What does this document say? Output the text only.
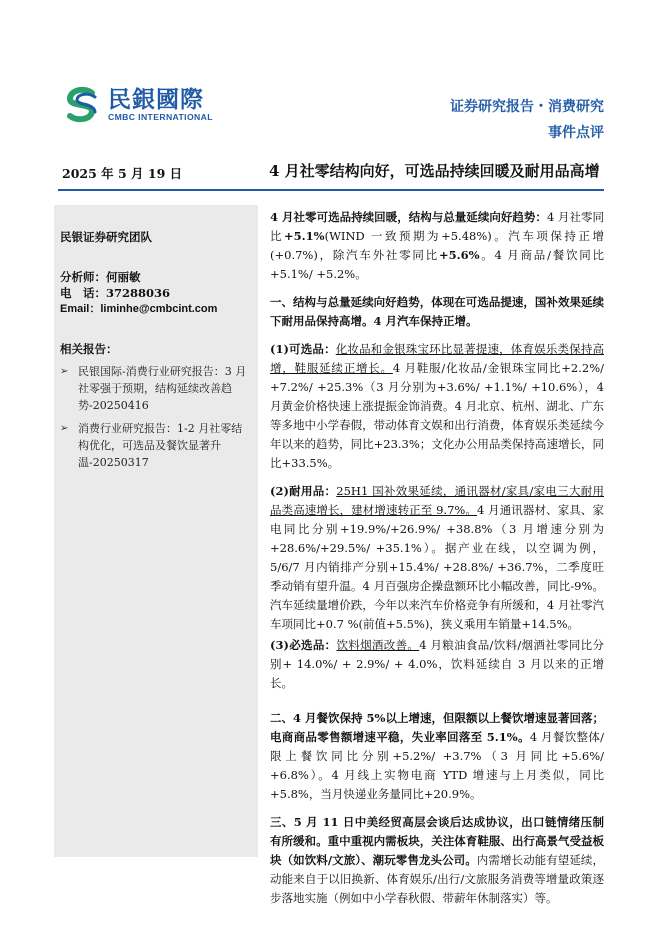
民銀國際
CMBC INTERNATIONAL
证券研究报告・消费研究
事件点评
2025 年 5 月 19 日	4 月社零结构向好，可选品持续回暖及耐用品高增
民银证券研究团队
分析师：何丽敏
电　话：37288036
Email：liminhe@cmbcint.com
相关报告：
➢ 民银国际-消费行业研究报告：3 月社零强于预期，结构延续改善趋势-20250416
➢ 消费行业研究报告：1-2 月社零结构优化，可选品及餐饮显著升温-20250317

4 月社零可选品持续回暖，结构与总量延续向好趋势：4 月社零同比+5.1%(WIND 一致预期为+5.48%)。汽车项保持正增(+0.7%)，除汽车外社零同比+5.6%。4 月商品/餐饮同比+5.1%/ +5.2%。

一、结构与总量延续向好趋势，体现在可选品提速，国补效果延续下耐用品保持高增。4 月汽车保持正增。

(1)可选品：化妆品和金银珠宝环比显著提速，体育娱乐类保持高增，鞋服延续正增长。4 月鞋服/化妆品/金银珠宝同比+2.2%/ +7.2%/ +25.3%（3 月分别为+3.6%/ +1.1%/ +10.6%），4 月黄金价格快速上涨提振金饰消费。4 月北京、杭州、湖北、广东等多地中小学春假，带动体育文娱和出行消费，体育娱乐类延续今年以来的趋势，同比+23.3%；文化办公用品类保持高速增长，同比+33.5%。

(2)耐用品：25H1 国补效果延续，通讯器材/家具/家电三大耐用品类高速增长，建材增速转正至 9.7%。4 月通讯器材、家具、家电同比分别+19.9%/+26.9%/ +38.8%（3 月增速分别为+28.6%/+29.5%/ +35.1%）。据产业在线，以空调为例，5/6/7 月内销排产分别+15.4%/ +28.8%/ +36.7%，二季度旺季动销有望升温。4 月百强房企操盘额环比小幅改善，同比-9%。汽车延续量增价跌，今年以来汽车价格竞争有所缓和，4 月社零汽车项同比+0.7 %(前值+5.5%)，狭义乘用车销量+14.5%。

(3)必选品：饮料烟酒改善。4 月粮油食品/饮料/烟酒社零同比分别+ 14.0%/ + 2.9%/ + 4.0%，饮料延续自 3 月以来的正增长。

二、4 月餐饮保持 5%以上增速，但限额以上餐饮增速显著回落；电商商品零售额增速平稳，失业率回落至 5.1%。4 月餐饮整体/限上餐饮同比分别+5.2%/ +3.7%（3 月同比+5.6%/ +6.8%）。4 月线上实物电商 YTD 增速与上月类似，同比+5.8%，当月快递业务量同比+20.9%。

三、5 月 11 日中美经贸高层会谈后达成协议，出口链情绪压制有所缓和。重中重视内需板块，关注体育鞋服、出行高景气受益板块（如饮料/文旅）、潮玩零售龙头公司。内需增长动能有望延续，动能来自于以旧换新、体育娱乐/出行/文旅服务消费等增量政策逐步落地实施（例如中小学春秋假、带薪年休制落实）等。
